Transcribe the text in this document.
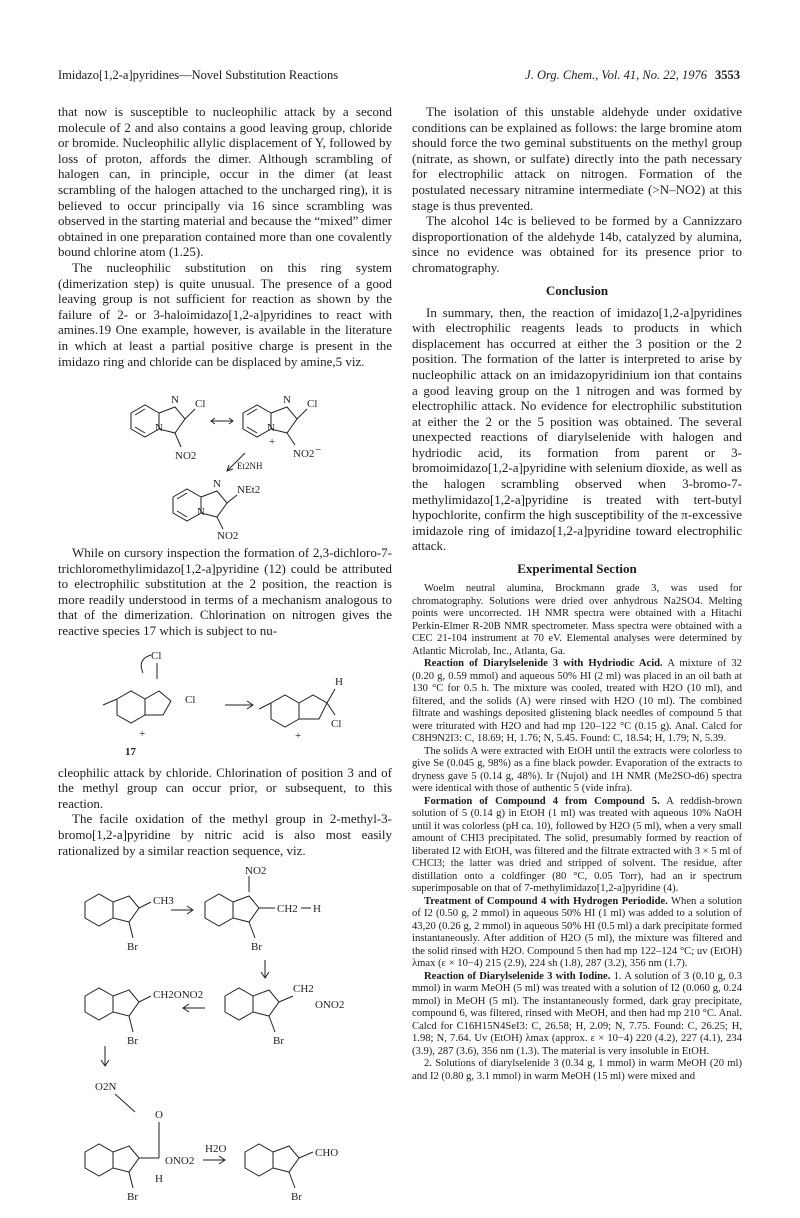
Imidazo[1,2-a]pyridines—Novel Substitution Reactions	J. Org. Chem., Vol. 41, No. 22, 1976 3553

that now is susceptible to nucleophilic attack by a second molecule of 2 and also contains a good leaving group, chloride or bromide. Nucleophilic allylic displacement of Y, followed by loss of proton, affords the dimer. Although scrambling of halogen can, in principle, occur in the dimer (at least scrambling of the halogen attached to the uncharged ring), it is believed to occur principally via 16 since scrambling was observed in the starting material and because the “mixed” dimer obtained in one preparation contained more than one covalently bound chlorine atom (1.25).

The nucleophilic substitution on this ring system (dimerization step) is quite unusual. The presence of a good leaving group is not sufficient for reaction as shown by the failure of 2- or 3-haloimidazo[1,2-a]pyridines to react with amines.19 One example, however, is available in the literature in which at least a partial positive charge is present in the imidazo ring and chloride can be displaced by amine,5 viz.

N Cl
N
NO2
N Cl
N
+
NO2 −
Et2NH
N NEt2
N
NO2

While on cursory inspection the formation of 2,3-dichloro-7-trichloromethylimidazo[1,2-a]pyridine (12) could be attributed to electrophilic substitution at the 2 position, the reaction is more readily understood in terms of a mechanism analogous to that of the dimerization. Chlorination on nitrogen gives the reactive species 17 which is subject to nu-

Cl
Cl
+
17
H
Cl
+

cleophilic attack by chloride. Chlorination of position 3 and of the methyl group can occur prior, or subsequent, to this reaction.

The facile oxidation of the methyl group in 2-methyl-3-bromo[1,2-a]pyridine by nitric acid is also most easily rationalized by a similar reaction sequence, viz.

CH3
Br
NO2
CH2 H
Br
CH2
ONO2
Br
CH2ONO2
Br
O2N
O
ONO2
H
Br
H2O	CHO
Br

The isolation of this unstable aldehyde under oxidative conditions can be explained as follows: the large bromine atom should force the two geminal substituents on the methyl group (nitrate, as shown, or sulfate) directly into the path necessary for electrophilic attack on nitrogen. Formation of the postulated necessary nitramine intermediate (>N–NO2) at this stage is thus prevented.

The alcohol 14c is believed to be formed by a Cannizzaro disproportionation of the aldehyde 14b, catalyzed by alumina, since no evidence was obtained for its presence prior to chromatography.

Conclusion

In summary, then, the reaction of imidazo[1,2-a]pyridines with electrophilic reagents leads to products in which displacement has occurred at either the 3 position or the 2 position. The formation of the latter is interpreted to arise by nucleophilic attack on an imidazopyridinium ion that contains a good leaving group on the 1 nitrogen and was formed by electrophilic attack. No evidence for electrophilic substitution at either the 2 or the 5 position was obtained. The several unexpected reactions of diarylselenide with halogen and hydriodic acid, its formation from parent or 3-bromoimidazo[1,2-a]pyridine with selenium dioxide, as well as the halogen scrambling observed when 3-bromo-7-methylimidazo[1,2-a]pyridine is treated with tert-butyl hypochlorite, confirm the high susceptibility of the π-excessive imidazole ring of imidazo[1,2-a]pyridine toward electrophilic attack.

Experimental Section

Woelm neutral alumina, Brockmann grade 3, was used for chromatography. Solutions were dried over anhydrous Na2SO4. Melting points were uncorrected. 1H NMR spectra were obtained with a Hitachi Perkin-Elmer R-20B NMR spectrometer. Mass spectra were obtained with a CEC 21-104 instrument at 70 eV. Elemental analyses were determined by Atlantic Microlab, Inc., Atlanta, Ga.

Reaction of Diarylselenide 3 with Hydriodic Acid. A mixture of 32 (0.20 g, 0.59 mmol) and aqueous 50% HI (2 ml) was placed in an oil bath at 130 °C for 0.5 h. The mixture was cooled, treated with H2O (10 ml), and filtered, and the solids (A) were rinsed with H2O (10 ml). The combined filtrate and washings deposited glistening black needles of compound 5 that were triturated with H2O and had mp 120–122 °C (0.15 g). Anal. Calcd for C8H9N2I3: C, 18.69; H, 1.76; N, 5.45. Found: C, 18.54; H, 1.79; N, 5.39.

The solids A were extracted with EtOH until the extracts were colorless to give Se (0.045 g, 98%) as a fine black powder. Evaporation of the extracts to dryness gave 5 (0.14 g, 48%). Ir (Nujol) and 1H NMR (Me2SO-d6) spectra were identical with those of authentic 5 (vide infra).

Formation of Compound 4 from Compound 5. A reddish-brown solution of 5 (0.14 g) in EtOH (1 ml) was treated with aqueous 10% NaOH until it was colorless (pH ca. 10), followed by H2O (5 ml), when a very small amount of CHI3 precipitated. The solid, presumably formed by reaction of liberated I2 with EtOH, was filtered and the filtrate extracted with 3 × 5 ml of CHCl3; the latter was dried and stripped of solvent. The residue, after distillation onto a coldfinger (80 °C, 0.05 Torr), had an ir spectrum superimposable on that of 7-methylimidazo[1,2-a]pyridine (4).

Treatment of Compound 4 with Hydrogen Periodide. When a solution of I2 (0.50 g, 2 mmol) in aqueous 50% HI (1 ml) was added to a solution of 43,20 (0.26 g, 2 mmol) in aqueous 50% HI (0.5 ml) a dark precipitate formed instantaneously. After addition of H2O (5 ml), the mixture was filtered and the solid rinsed with H2O. Compound 5 then had mp 122–124 °C; uv (EtOH) λmax (ε × 10−4) 215 (2.9), 224 sh (1.8), 287 (3.2), 356 nm (1.7).

Reaction of Diarylselenide 3 with Iodine. 1. A solution of 3 (0.10 g, 0.3 mmol) in warm MeOH (5 ml) was treated with a solution of I2 (0.060 g, 0.24 mmol) in MeOH (5 ml). The instantaneously formed, dark gray precipitate, compound 6, was filtered, rinsed with MeOH, and then had mp 210 °C. Anal. Calcd for C16H15N4SeI3: C, 26.58; H, 2.09; N, 7.75. Found: C, 26.25; H, 1.98; N, 7.64. Uv (EtOH) λmax (approx. ε × 10−4) 220 (4.2), 227 (4.1), 234 (3.9), 287 (3.6), 356 nm (1.3). The material is very insoluble in EtOH.

2. Solutions of diarylselenide 3 (0.34 g, 1 mmol) in warm MeOH (20 ml) and I2 (0.80 g, 3.1 mmol) in warm MeOH (15 ml) were mixed and
